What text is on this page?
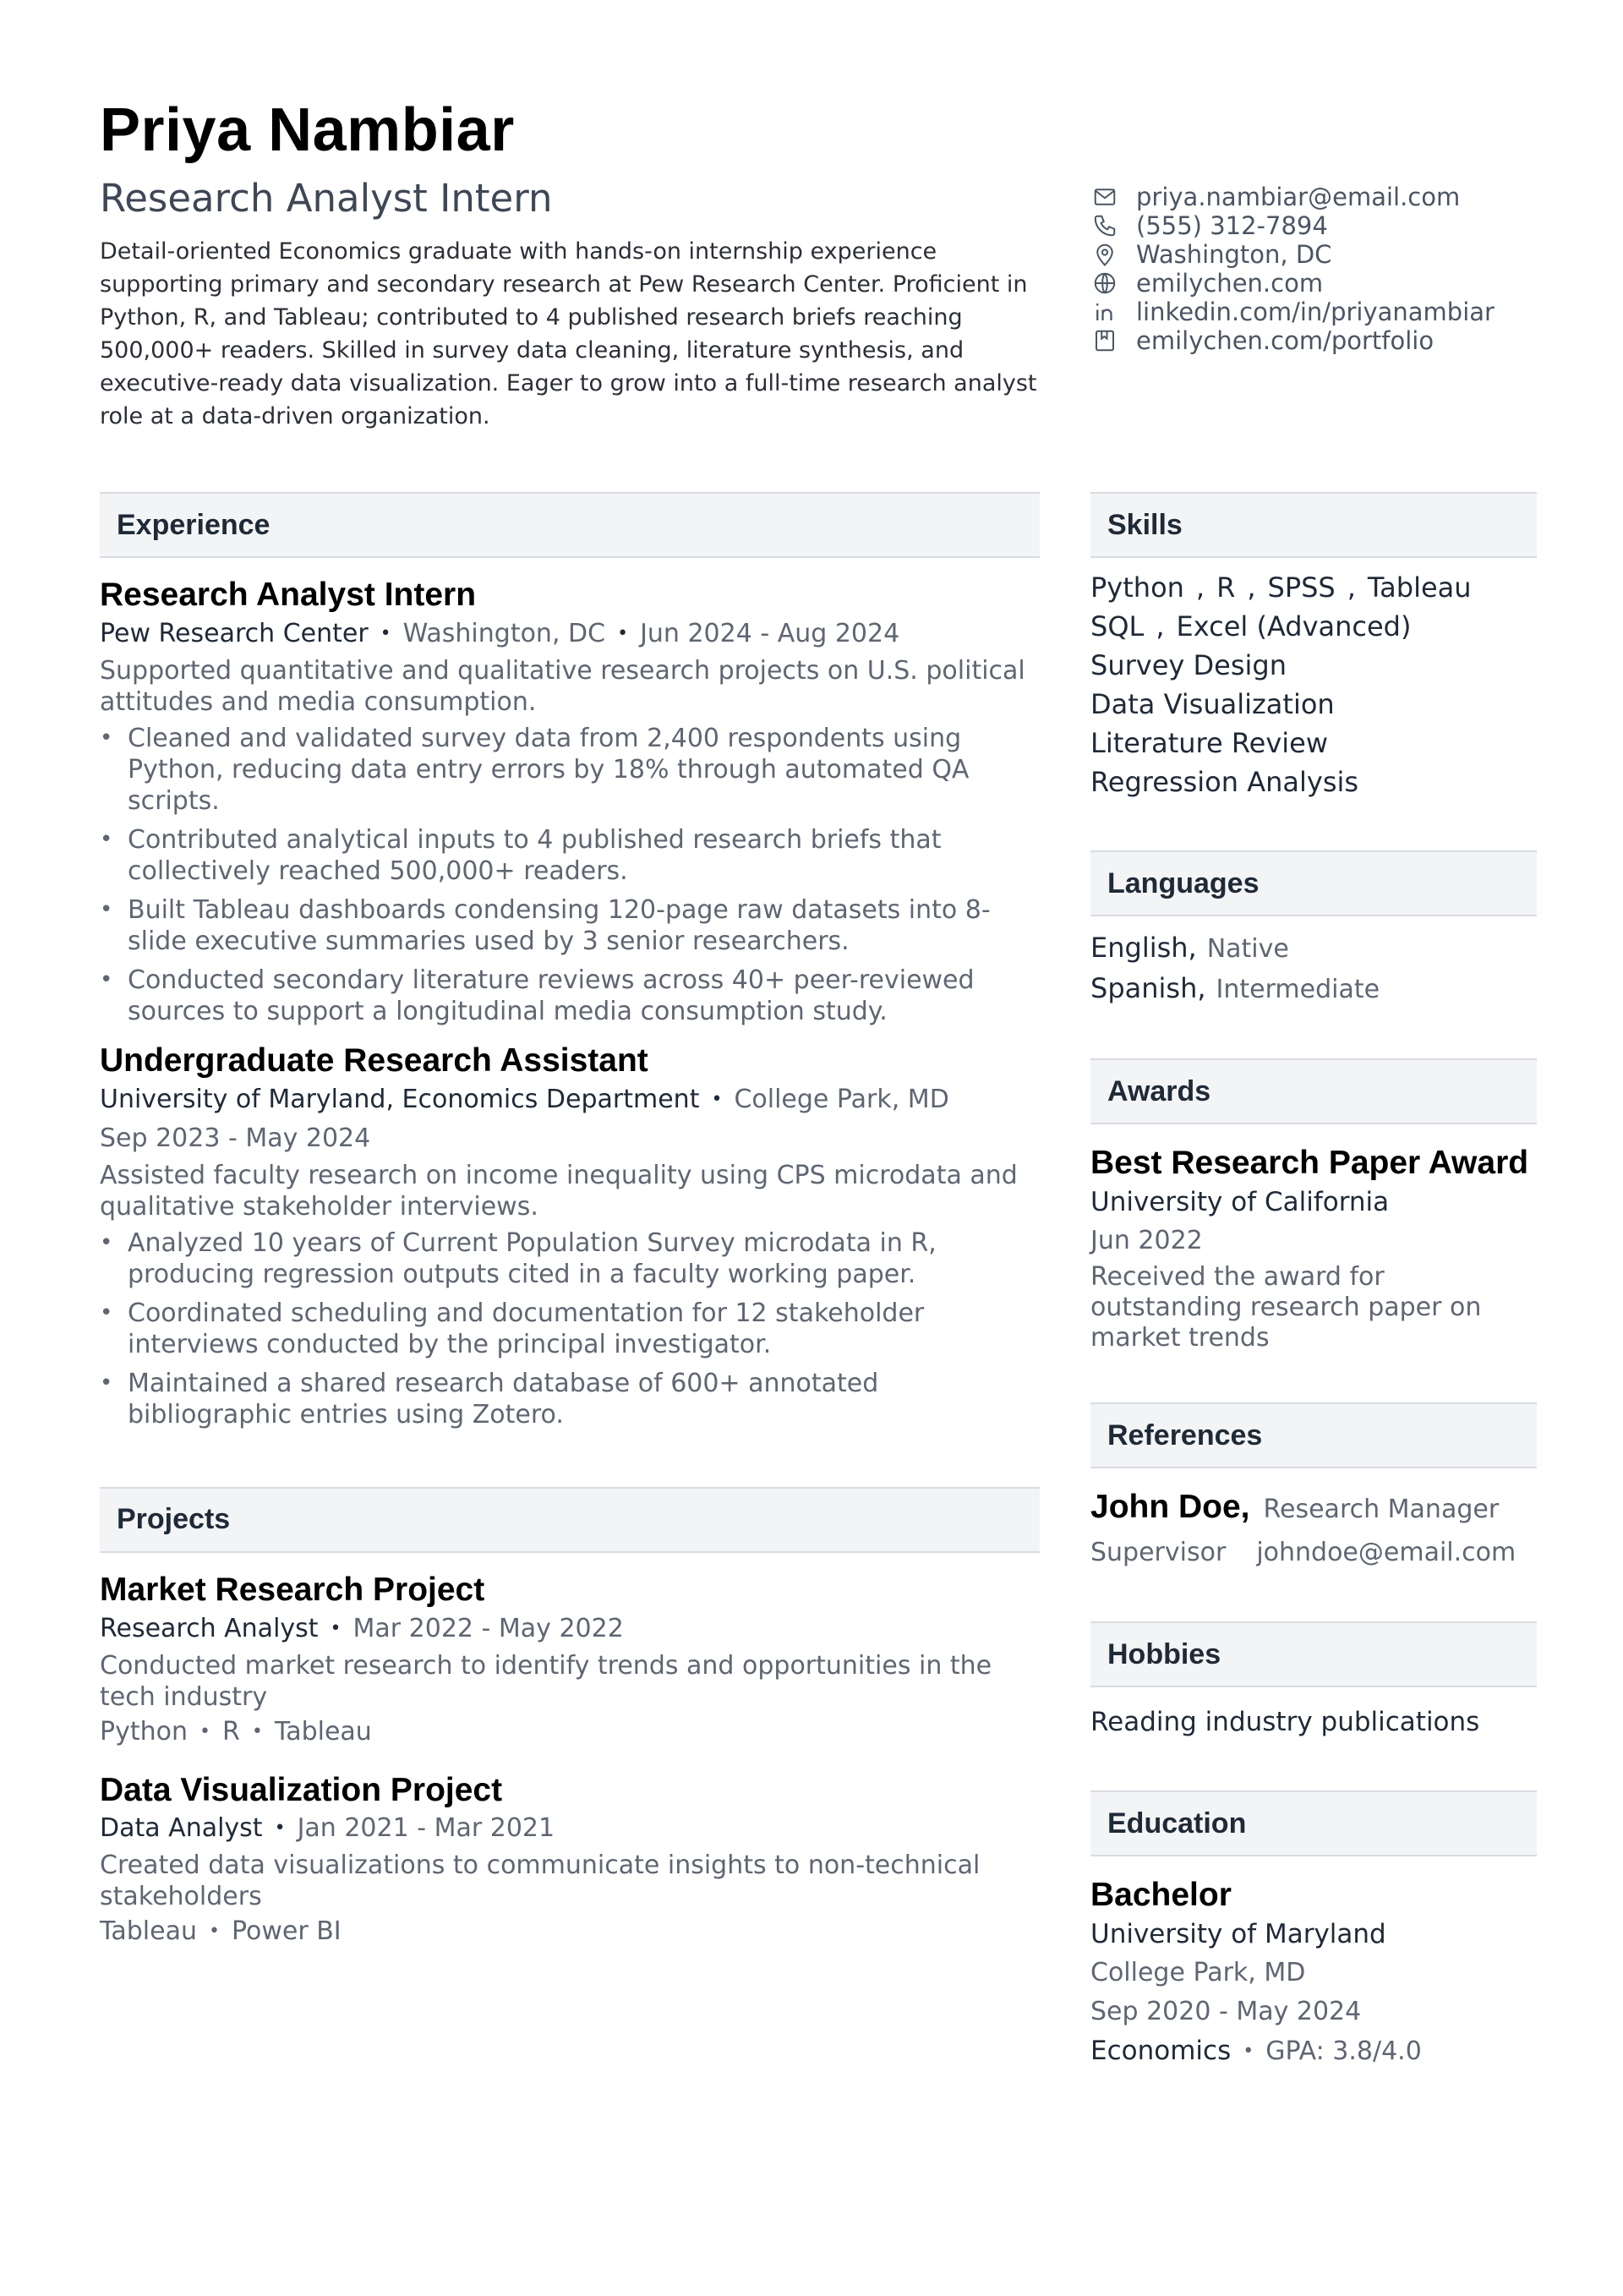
Priya Nambiar
Research Analyst Intern
Detail-oriented Economics graduate with hands-on internship experience supporting primary and secondary research at Pew Research Center. Proficient in Python, R, and Tableau; contributed to 4 published research briefs reaching 500,000+ readers. Skilled in survey data cleaning, literature synthesis, and executive-ready data visualization. Eager to grow into a full-time research analyst role at a data-driven organization.
priya.nambiar@email.com
(555) 312-7894
Washington, DC
emilychen.com
linkedin.com/in/priyanambiar
emilychen.com/portfolio
Experience
Research Analyst Intern
Pew Research Center • Washington, DC • Jun 2024 - Aug 2024
Supported quantitative and qualitative research projects on U.S. political attitudes and media consumption.
• Cleaned and validated survey data from 2,400 respondents using Python, reducing data entry errors by 18% through automated QA scripts.
• Contributed analytical inputs to 4 published research briefs that collectively reached 500,000+ readers.
• Built Tableau dashboards condensing 120-page raw datasets into 8-slide executive summaries used by 3 senior researchers.
• Conducted secondary literature reviews across 40+ peer-reviewed sources to support a longitudinal media consumption study.
Undergraduate Research Assistant
University of Maryland, Economics Department • College Park, MD
Sep 2023 - May 2024
Assisted faculty research on income inequality using CPS microdata and qualitative stakeholder interviews.
• Analyzed 10 years of Current Population Survey microdata in R, producing regression outputs cited in a faculty working paper.
• Coordinated scheduling and documentation for 12 stakeholder interviews conducted by the principal investigator.
• Maintained a shared research database of 600+ annotated bibliographic entries using Zotero.
Projects
Market Research Project
Research Analyst • Mar 2022 - May 2022
Conducted market research to identify trends and opportunities in the tech industry
Python • R • Tableau
Data Visualization Project
Data Analyst • Jan 2021 - Mar 2021
Created data visualizations to communicate insights to non-technical stakeholders
Tableau • Power BI
Skills
Python , R , SPSS , Tableau
SQL , Excel (Advanced)
Survey Design
Data Visualization
Literature Review
Regression Analysis
Languages
English, Native
Spanish, Intermediate
Awards
Best Research Paper Award
University of California
Jun 2022
Received the award for outstanding research paper on market trends
References
John Doe, Research Manager
Supervisor johndoe@email.com
Hobbies
Reading industry publications
Education
Bachelor
University of Maryland
College Park, MD
Sep 2020 - May 2024
Economics • GPA: 3.8/4.0
